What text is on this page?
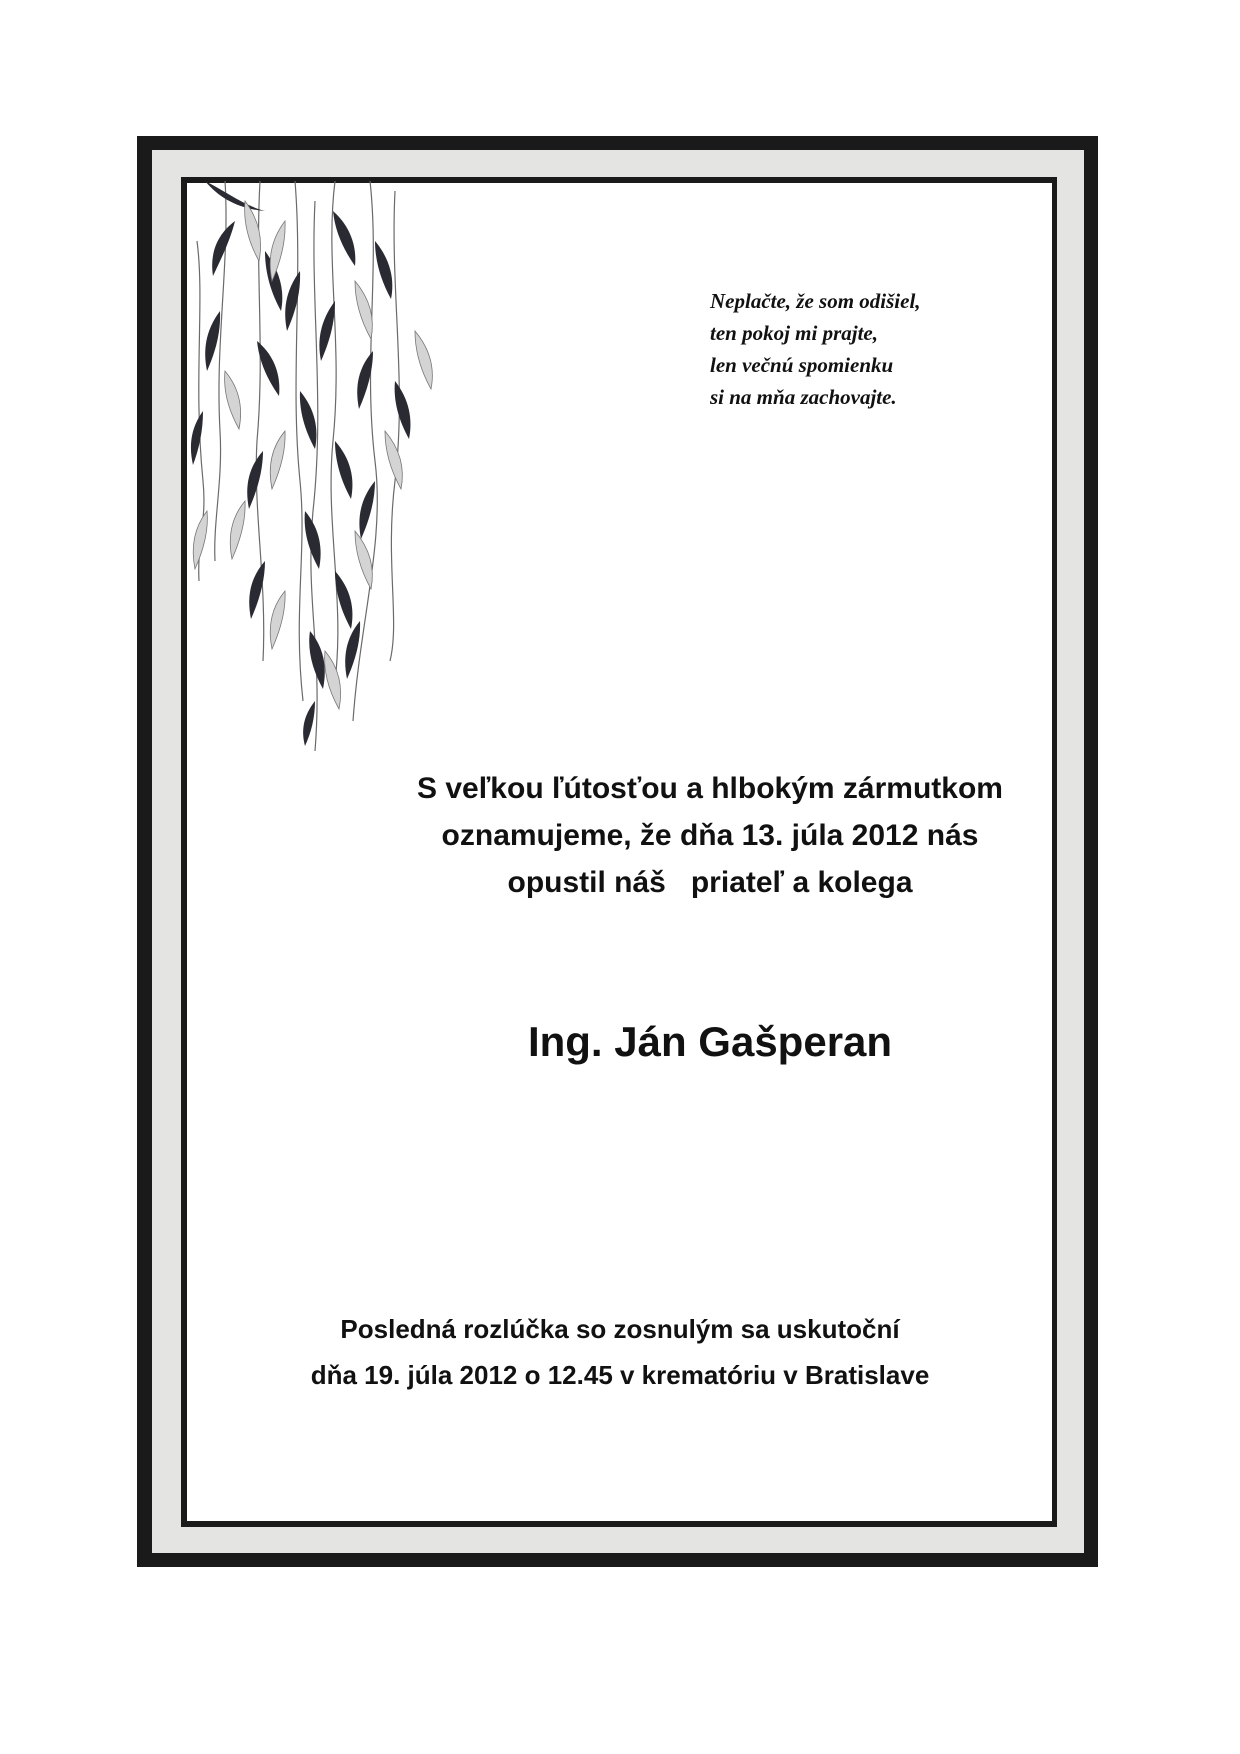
Neplačte, že som odišiel,
ten pokoj mi prajte,
len večnú spomienku
si na mňa zachovajte.
S veľkou ľútosťou a hlbokým zármutkom
oznamujeme, že dňa 13. júla 2012 nás
opustil náš   priateľ a kolega
Ing. Ján Gašperan
Posledná rozlúčka so zosnulým sa uskutoční
dňa 19. júla 2012 o 12.45 v krematóriu v Bratislave
